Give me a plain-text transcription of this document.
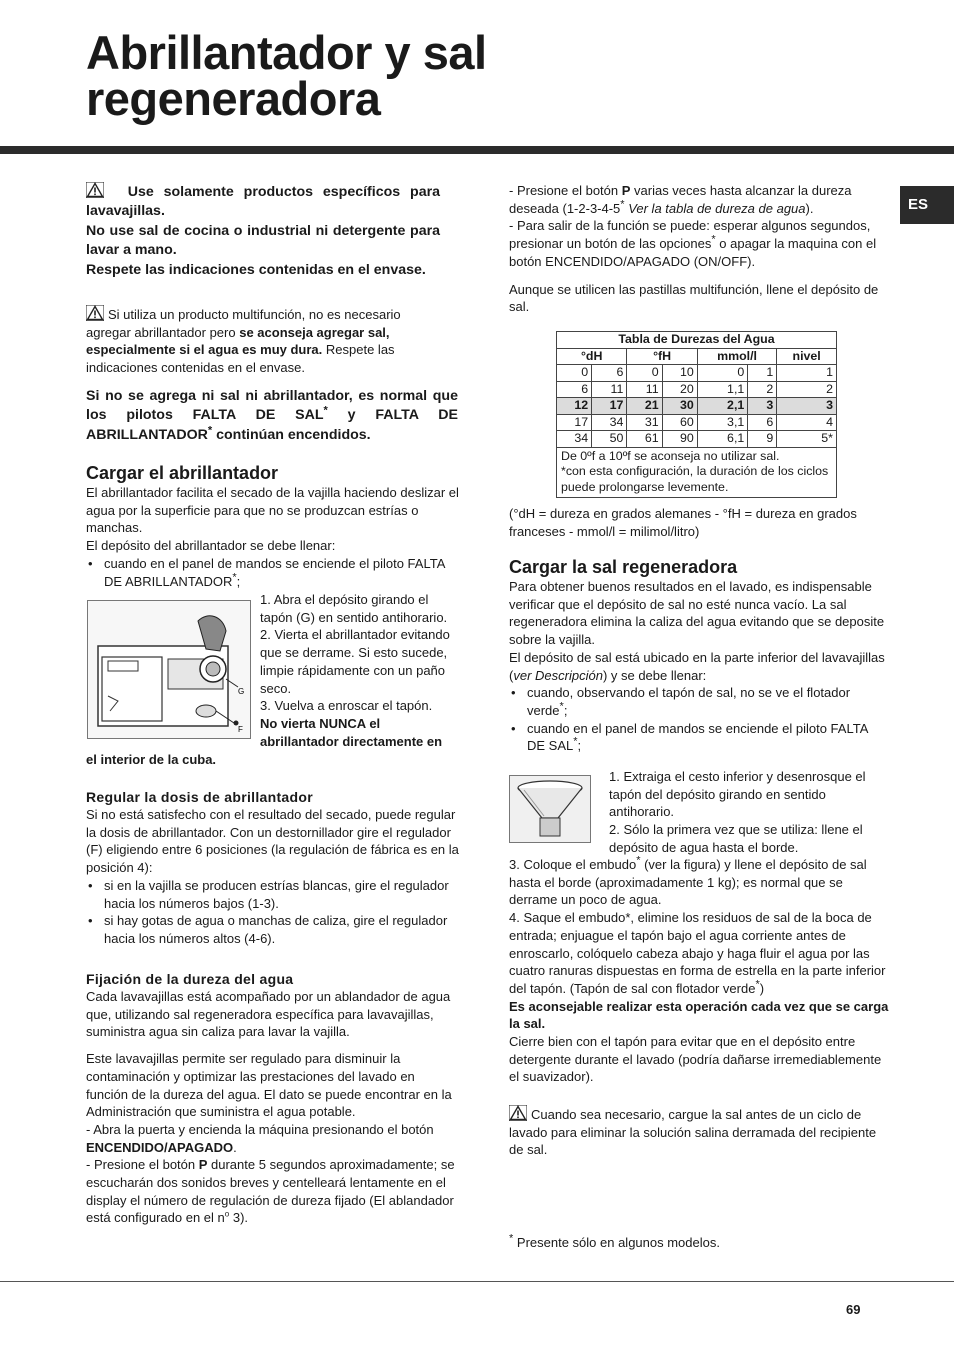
Abrillantador y sal regeneradora
ES

Use solamente productos específicos para lavavajillas.
No use sal de cocina o industrial ni detergente para lavar a mano.
Respete las indicaciones contenidas en el envase.

Si utiliza un producto multifunción, no es necesario agregar abrillantador pero se aconseja agregar sal, especialmente si el agua es muy dura. Respete las indicaciones contenidas en el envase.

Si no se agrega ni sal ni abrillantador, es normal que los pilotos FALTA DE SAL* y FALTA DE ABRILLANTADOR* continúan encendidos.

Cargar el abrillantador

El abrillantador facilita el secado de la vajilla haciendo deslizar el agua por la superficie para que no se produzcan estrías o manchas.

El depósito del abrillantador se debe llenar:

• cuando en el panel de mandos se enciende el piloto FALTA DE ABRILLANTADOR*;

G
F

1. Abra el depósito girando el tapón (G) en sentido antihorario.

2. Vierta el abrillantador evitando que se derrame. Si esto sucede, limpie rápidamente con un paño seco.

3. Vuelva a enroscar el tapón.

No vierta NUNCA el abrillantador directamente en

el interior de la cuba.

Regular la dosis de abrillantador

Si no está satisfecho con el resultado del secado, puede regular la dosis de abrillantador. Con un destornillador gire el regulador (F) eligiendo entre 6 posiciones (la regulación de fábrica es en la posición 4):

• si en la vajilla se producen estrías blancas, gire el regulador hacia los números bajos (1-3).

• si hay gotas de agua o manchas de caliza, gire el regulador hacia los números altos (4-6).

Fijación de la dureza del agua

Cada lavavajillas está acompañado por un ablandador de agua que, utilizando sal regeneradora específica para lavavajillas, suministra agua sin caliza para lavar la vajilla.

Este lavavajillas permite ser regulado para disminuir la contaminación y optimizar las prestaciones del lavado en función de la dureza del agua. El dato se puede encontrar en la Administración que suministra el agua potable.

- Abra la puerta y encienda la máquina presionando el botón ENCENDIDO/APAGADO.

- Presione el botón P durante 5 segundos aproximadamente; se escucharán dos sonidos breves y centelleará lentamente en el display el número de regulación de dureza fijado (El ablandador está configurado en el $n^o$ 3).

- Presione el botón P varias veces hasta alcanzar la dureza deseada (1-2-3-4-5* Ver la tabla de dureza de agua).

- Para salir de la función se puede: esperar algunos segundos, presionar un botón de las opciones* o apagar la maquina con el botón ENCENDIDO/APAGADO (ON/OFF).

Aunque se utilicen las pastillas multifunción, llene el depósito de sal.

Tabla de Durezas del Agua						
°dH		°fH		mmol/l		nivel
0	6	0	10	0	1	1
6	11	11	20	1,1	2	2
12	17	21	30	2,1	3	3
17	34	31	60	3,1	6	4
34	50	61	90	6,1	9	5*

De 0ºf a 10ºf se aconseja no utilizar sal.
*con esta configuración, la duración de los ciclos puede prolongarse levemente.						

(°dH = dureza en grados alemanes - °fH = dureza en grados franceses - mmol/l = milimol/litro)

Cargar la sal regeneradora

Para obtener buenos resultados en el lavado, es indispensable verificar que el depósito de sal no esté nunca vacío. La sal regeneradora elimina la caliza del agua evitando que se deposite sobre la vajilla.

El depósito de sal está ubicado en la parte inferior del lavavajillas (ver Descripción) y se debe llenar:

• cuando, observando el tapón de sal, no se ve el flotador verde*;

• cuando en el panel de mandos se enciende el piloto FALTA DE SAL*;

1. Extraiga el cesto inferior y desenrosque el tapón del depósito girando en sentido antihorario.

2. Sólo la primera vez que se utiliza: llene el depósito de agua hasta el borde.

3. Coloque el embudo* (ver la figura) y llene el depósito de sal hasta el borde (aproximadamente 1 kg); es normal que se derrame un poco de agua.

4. Saque el embudo*, elimine los residuos de sal de la boca de entrada; enjuague el tapón bajo el agua corriente antes de enroscarlo, colóquelo cabeza abajo y haga fluir el agua por las cuatro ranuras dispuestas en forma de estrella en la parte inferior del tapón. (Tapón de sal con flotador verde*)

Es aconsejable realizar esta operación cada vez que se carga la sal.

Cierre bien con el tapón para evitar que en el depósito entre detergente durante el lavado (podría dañarse irremediablemente el suavizador).

Cuando sea necesario, cargue la sal antes de un ciclo de lavado para eliminar la solución salina derramada del recipiente de sal.

* Presente sólo en algunos modelos.

69
